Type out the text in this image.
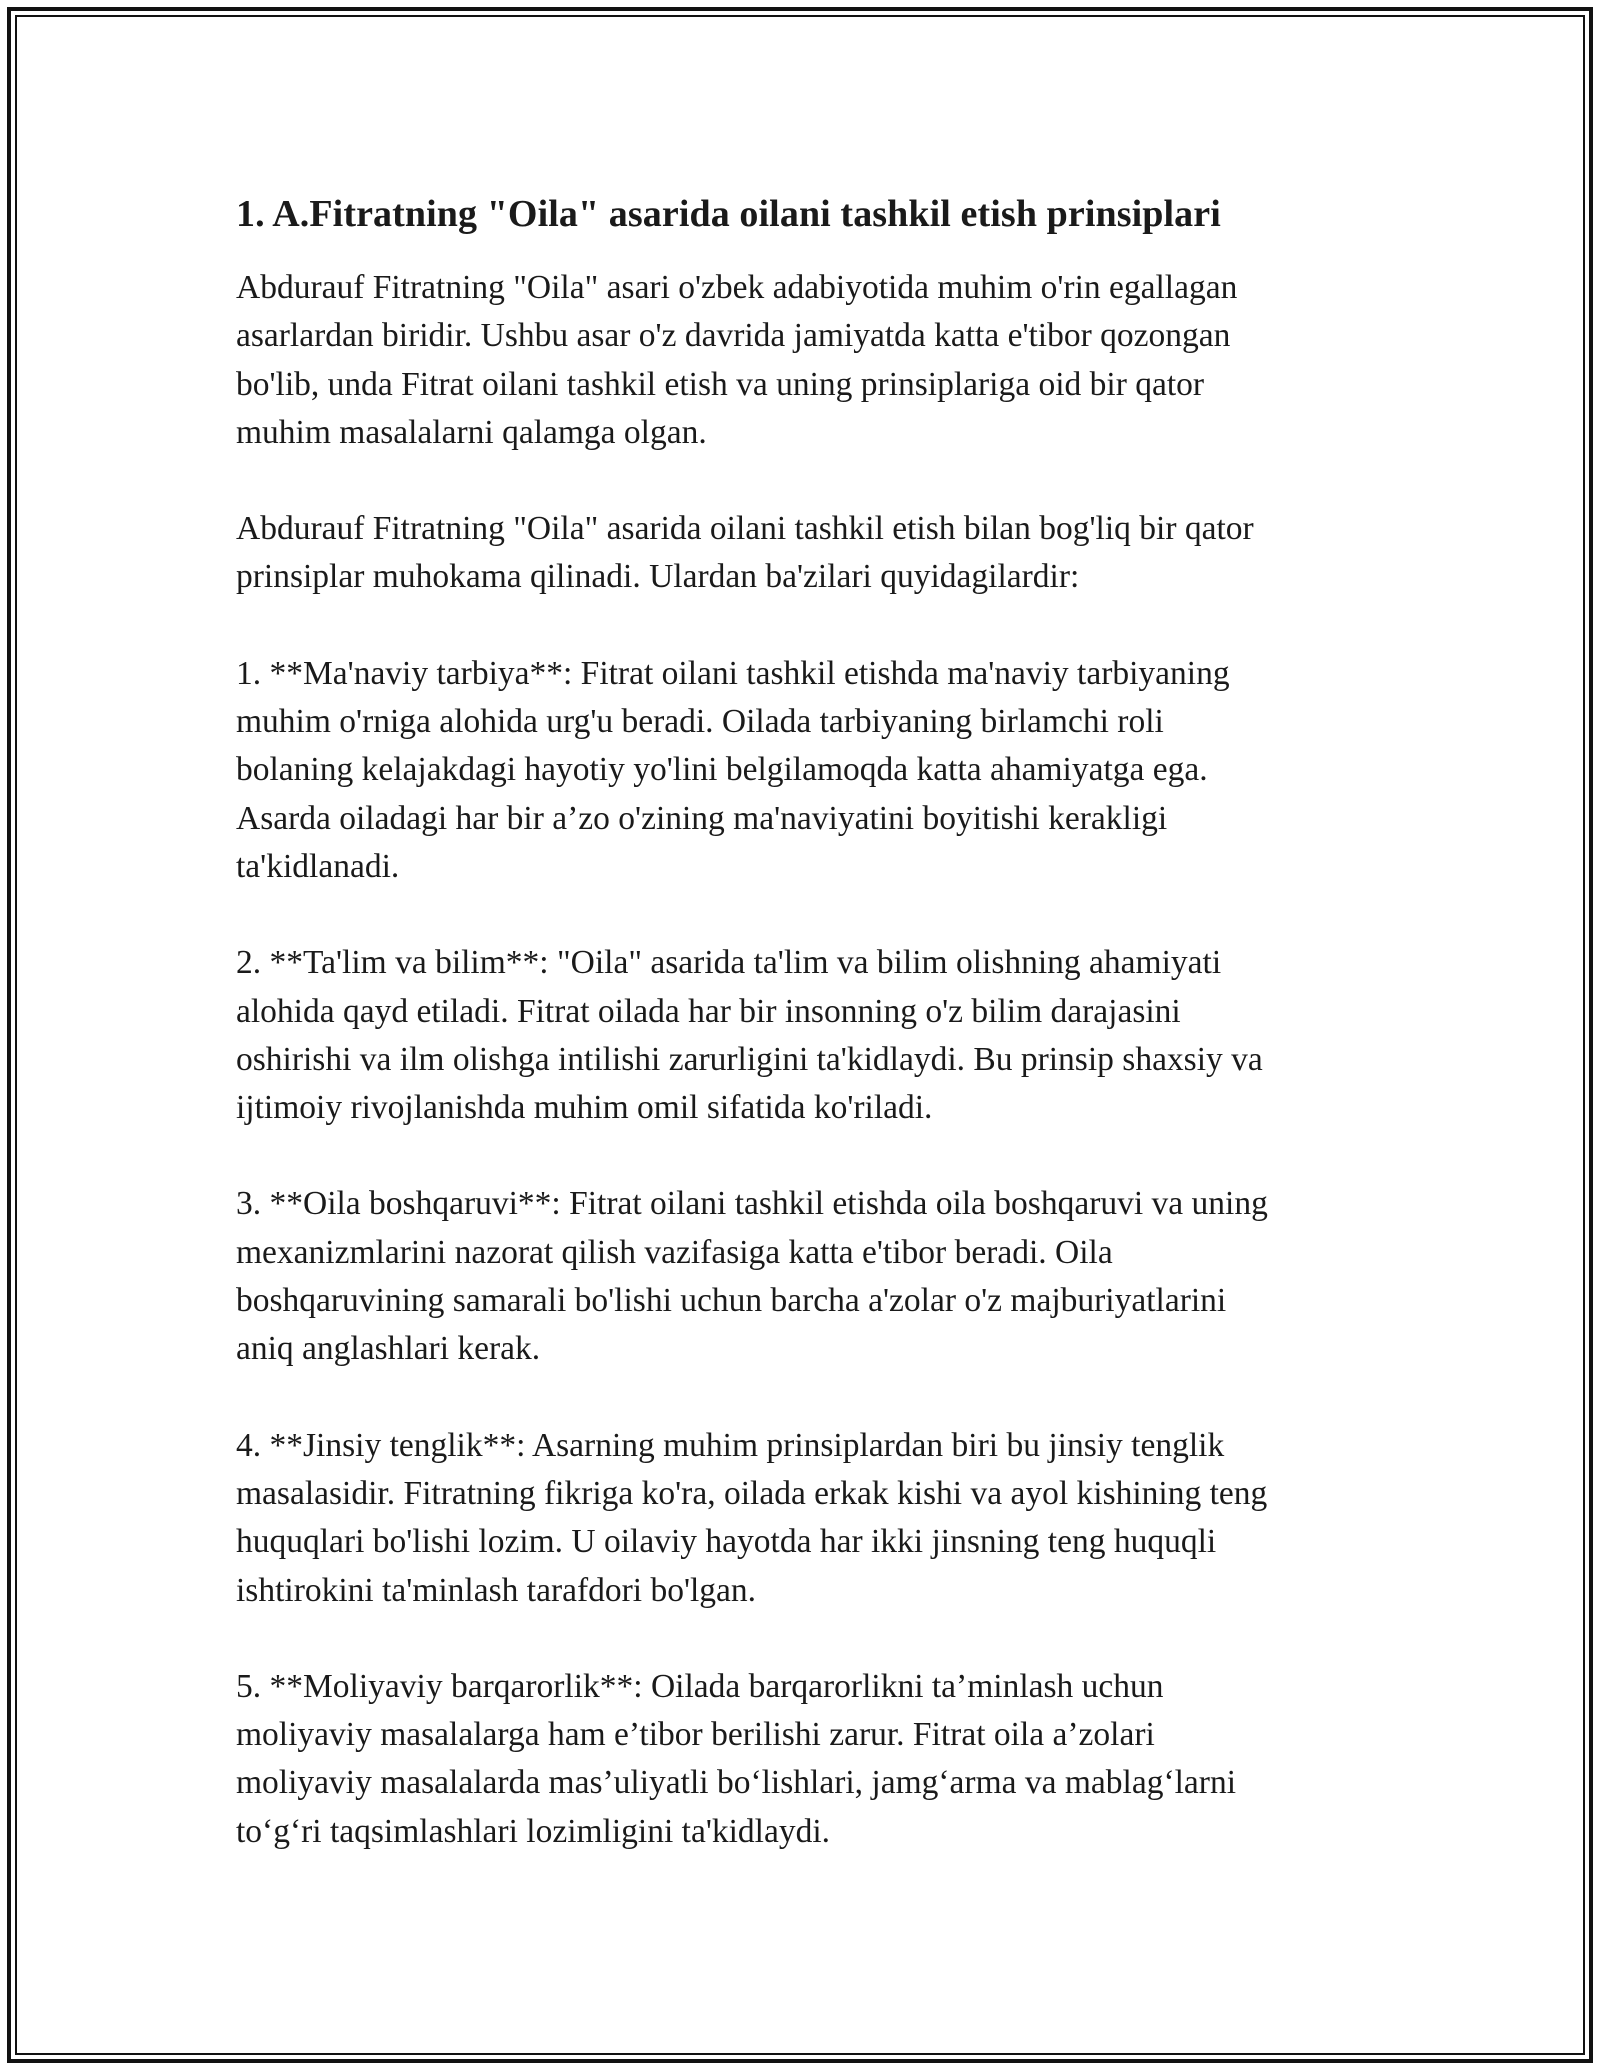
1. A.Fitratning "Oila" asarida oilani tashkil etish prinsiplari

Abdurauf Fitratning "Oila" asari o'zbek adabiyotida muhim o'rin egallagan
asarlardan biridir. Ushbu asar o'z davrida jamiyatda katta e'tibor qozongan
bo'lib, unda Fitrat oilani tashkil etish va uning prinsiplariga oid bir qator
muhim masalalarni qalamga olgan.

Abdurauf Fitratning "Oila" asarida oilani tashkil etish bilan bog'liq bir qator
prinsiplar muhokama qilinadi. Ulardan ba'zilari quyidagilardir:

1. **Ma'naviy tarbiya**: Fitrat oilani tashkil etishda ma'naviy tarbiyaning
muhim o'rniga alohida urg'u beradi. Oilada tarbiyaning birlamchi roli
bolaning kelajakdagi hayotiy yo'lini belgilamoqda katta ahamiyatga ega.
Asarda oiladagi har bir a’zo o'zining ma'naviyatini boyitishi kerakligi
ta'kidlanadi.

2. **Ta'lim va bilim**: "Oila" asarida ta'lim va bilim olishning ahamiyati
alohida qayd etiladi. Fitrat oilada har bir insonning o'z bilim darajasini
oshirishi va ilm olishga intilishi zarurligini ta'kidlaydi. Bu prinsip shaxsiy va
ijtimoiy rivojlanishda muhim omil sifatida ko'riladi.

3. **Oila boshqaruvi**: Fitrat oilani tashkil etishda oila boshqaruvi va uning
mexanizmlarini nazorat qilish vazifasiga katta e'tibor beradi. Oila
boshqaruvining samarali bo'lishi uchun barcha a'zolar o'z majburiyatlarini
aniq anglashlari kerak.

4. **Jinsiy tenglik**: Asarning muhim prinsiplardan biri bu jinsiy tenglik
masalasidir. Fitratning fikriga ko'ra, oilada erkak kishi va ayol kishining teng
huquqlari bo'lishi lozim. U oilaviy hayotda har ikki jinsning teng huquqli
ishtirokini ta'minlash tarafdori bo'lgan.

5. **Moliyaviy barqarorlik**: Oilada barqarorlikni ta’minlash uchun
moliyaviy masalalarga ham e’tibor berilishi zarur. Fitrat oila a’zolari
moliyaviy masalalarda mas’uliyatli bo‘lishlari, jamg‘arma va mablag‘larni
to‘g‘ri taqsimlashlari lozimligini ta'kidlaydi.
